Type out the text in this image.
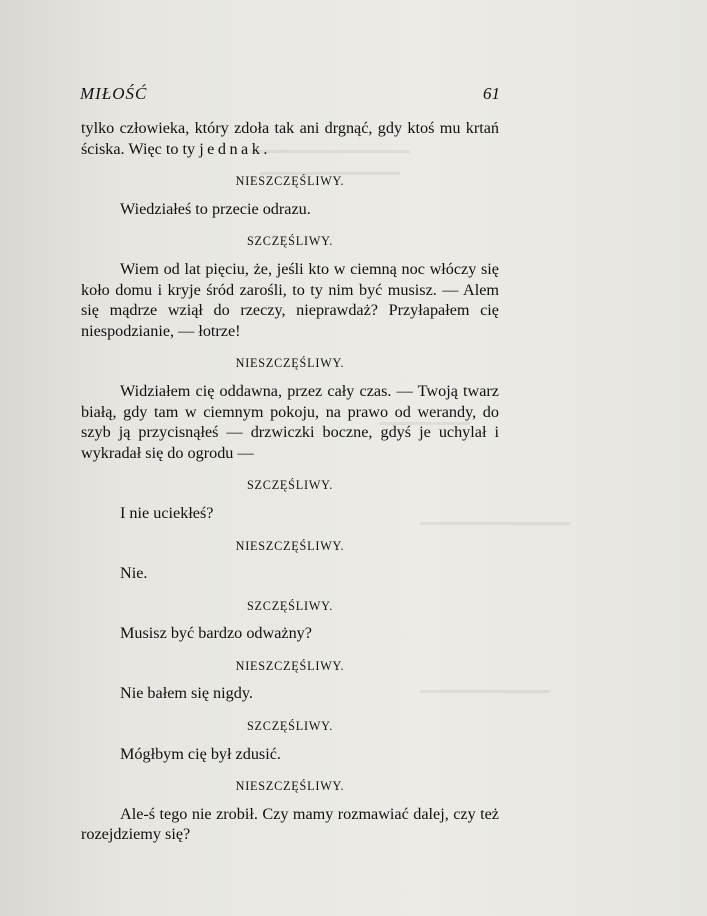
MIŁOŚĆ	61

tylko człowieka, który zdoła tak ani drgnąć, gdy ktoś mu krtań ściska. Więc to ty jednak.

NIESZCZĘŚLIWY.

Wiedziałeś to przecie odrazu.

SZCZĘŚLIWY.

Wiem od lat pięciu, że, jeśli kto w ciemną noc włóczy się koło domu i kryje śród zarośli, to ty nim być musisz. — Alem się mądrze wziął do rzeczy, nieprawdaż? Przyłapałem cię niespodzianie, — łotrze!

NIESZCZĘŚLIWY.

Widziałem cię oddawna, przez cały czas. — Twoją twarz białą, gdy tam w ciemnym pokoju, na prawo od werandy, do szyb ją przycisnąłeś — drzwiczki boczne, gdyś je uchylał i wykradał się do ogrodu —

SZCZĘŚLIWY.

I nie uciekłeś?

NIESZCZĘŚLIWY.

Nie.

SZCZĘŚLIWY.

Musisz być bardzo odważny?

NIESZCZĘŚLIWY.

Nie bałem się nigdy.

SZCZĘŚLIWY.

Mógłbym cię był zdusić.

NIESZCZĘŚLIWY.

Ale-ś tego nie zrobił. Czy mamy rozmawiać dalej, czy też rozejdziemy się?
